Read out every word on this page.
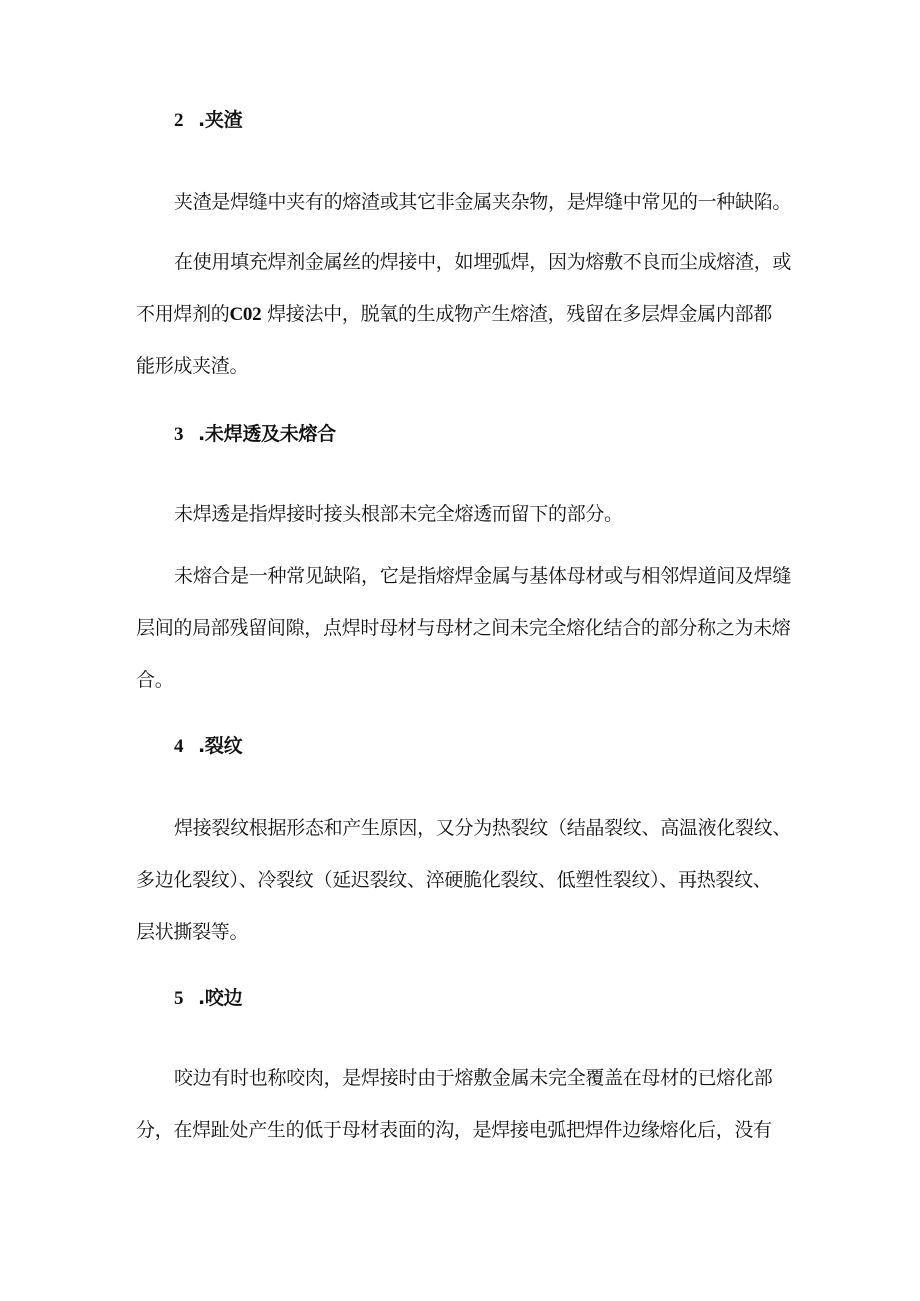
2 .夹渣
夹渣是焊缝中夹有的熔渣或其它非金属夹杂物，是焊缝中常见的一种缺陷。
在使用填充焊剂金属丝的焊接中，如埋弧焊，因为熔敷不良而尘成熔渣，或
不用焊剂的C02 焊接法中，脱氧的生成物产生熔渣，残留在多层焊金属内部都
能形成夹渣。
3 .未焊透及未熔合
未焊透是指焊接时接头根部未完全熔透而留下的部分。
未熔合是一种常见缺陷，它是指熔焊金属与基体母材或与相邻焊道间及焊缝
层间的局部残留间隙，点焊时母材与母材之间未完全熔化结合的部分称之为未熔
合。
4 .裂纹
焊接裂纹根据形态和产生原因，又分为热裂纹（结晶裂纹、高温液化裂纹、
多边化裂纹）、冷裂纹（延迟裂纹、淬硬脆化裂纹、低塑性裂纹）、再热裂纹、
层状撕裂等。
5 .咬边
咬边有时也称咬肉，是焊接时由于熔敷金属未完全覆盖在母材的已熔化部
分，在焊趾处产生的低于母材表面的沟，是焊接电弧把焊件边缘熔化后，没有
